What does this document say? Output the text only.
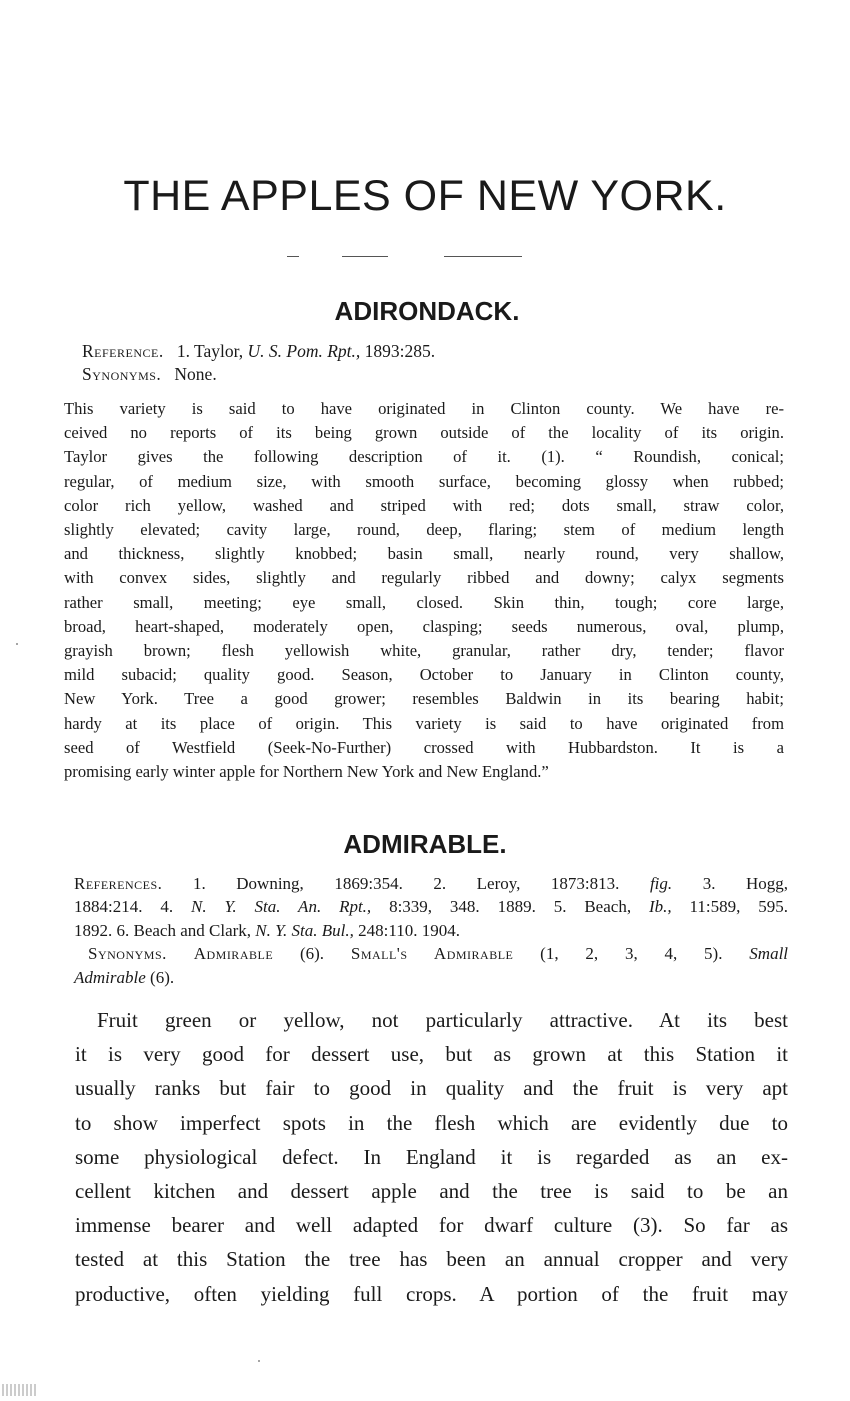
THE APPLES OF NEW YORK.
ADIRONDACK.
Reference. 1. Taylor, U. S. Pom. Rpt., 1893:285.
Synonyms. None.
This variety is said to have originated in Clinton county. We have re-
ceived no reports of its being grown outside of the locality of its origin.
Taylor gives the following description of it. (1). “ Roundish, conical;
regular, of medium size, with smooth surface, becoming glossy when rubbed;
color rich yellow, washed and striped with red; dots small, straw color,
slightly elevated; cavity large, round, deep, flaring; stem of medium length
and thickness, slightly knobbed; basin small, nearly round, very shallow,
with convex sides, slightly and regularly ribbed and downy; calyx segments
rather small, meeting; eye small, closed. Skin thin, tough; core large,
broad, heart-shaped, moderately open, clasping; seeds numerous, oval, plump,
grayish brown; flesh yellowish white, granular, rather dry, tender; flavor
mild subacid; quality good. Season, October to January in Clinton county,
New York. Tree a good grower; resembles Baldwin in its bearing habit;
hardy at its place of origin. This variety is said to have originated from
seed of Westfield (Seek-No-Further) crossed with Hubbardston. It is a
promising early winter apple for Northern New York and New England.”
ADMIRABLE.
References. 1. Downing, 1869:354. 2. Leroy, 1873:813. fig. 3. Hogg,
1884:214. 4. N. Y. Sta. An. Rpt., 8:339, 348. 1889. 5. Beach, Ib., 11:589, 595.
1892. 6. Beach and Clark, N. Y. Sta. Bul., 248:110. 1904.
Synonyms. Admirable (6). Small's Admirable (1, 2, 3, 4, 5). Small
Admirable (6).
Fruit green or yellow, not particularly attractive. At its best
it is very good for dessert use, but as grown at this Station it
usually ranks but fair to good in quality and the fruit is very apt
to show imperfect spots in the flesh which are evidently due to
some physiological defect. In England it is regarded as an ex-
cellent kitchen and dessert apple and the tree is said to be an
immense bearer and well adapted for dwarf culture (3). So far as
tested at this Station the tree has been an annual cropper and very
productive, often yielding full crops. A portion of the fruit may
